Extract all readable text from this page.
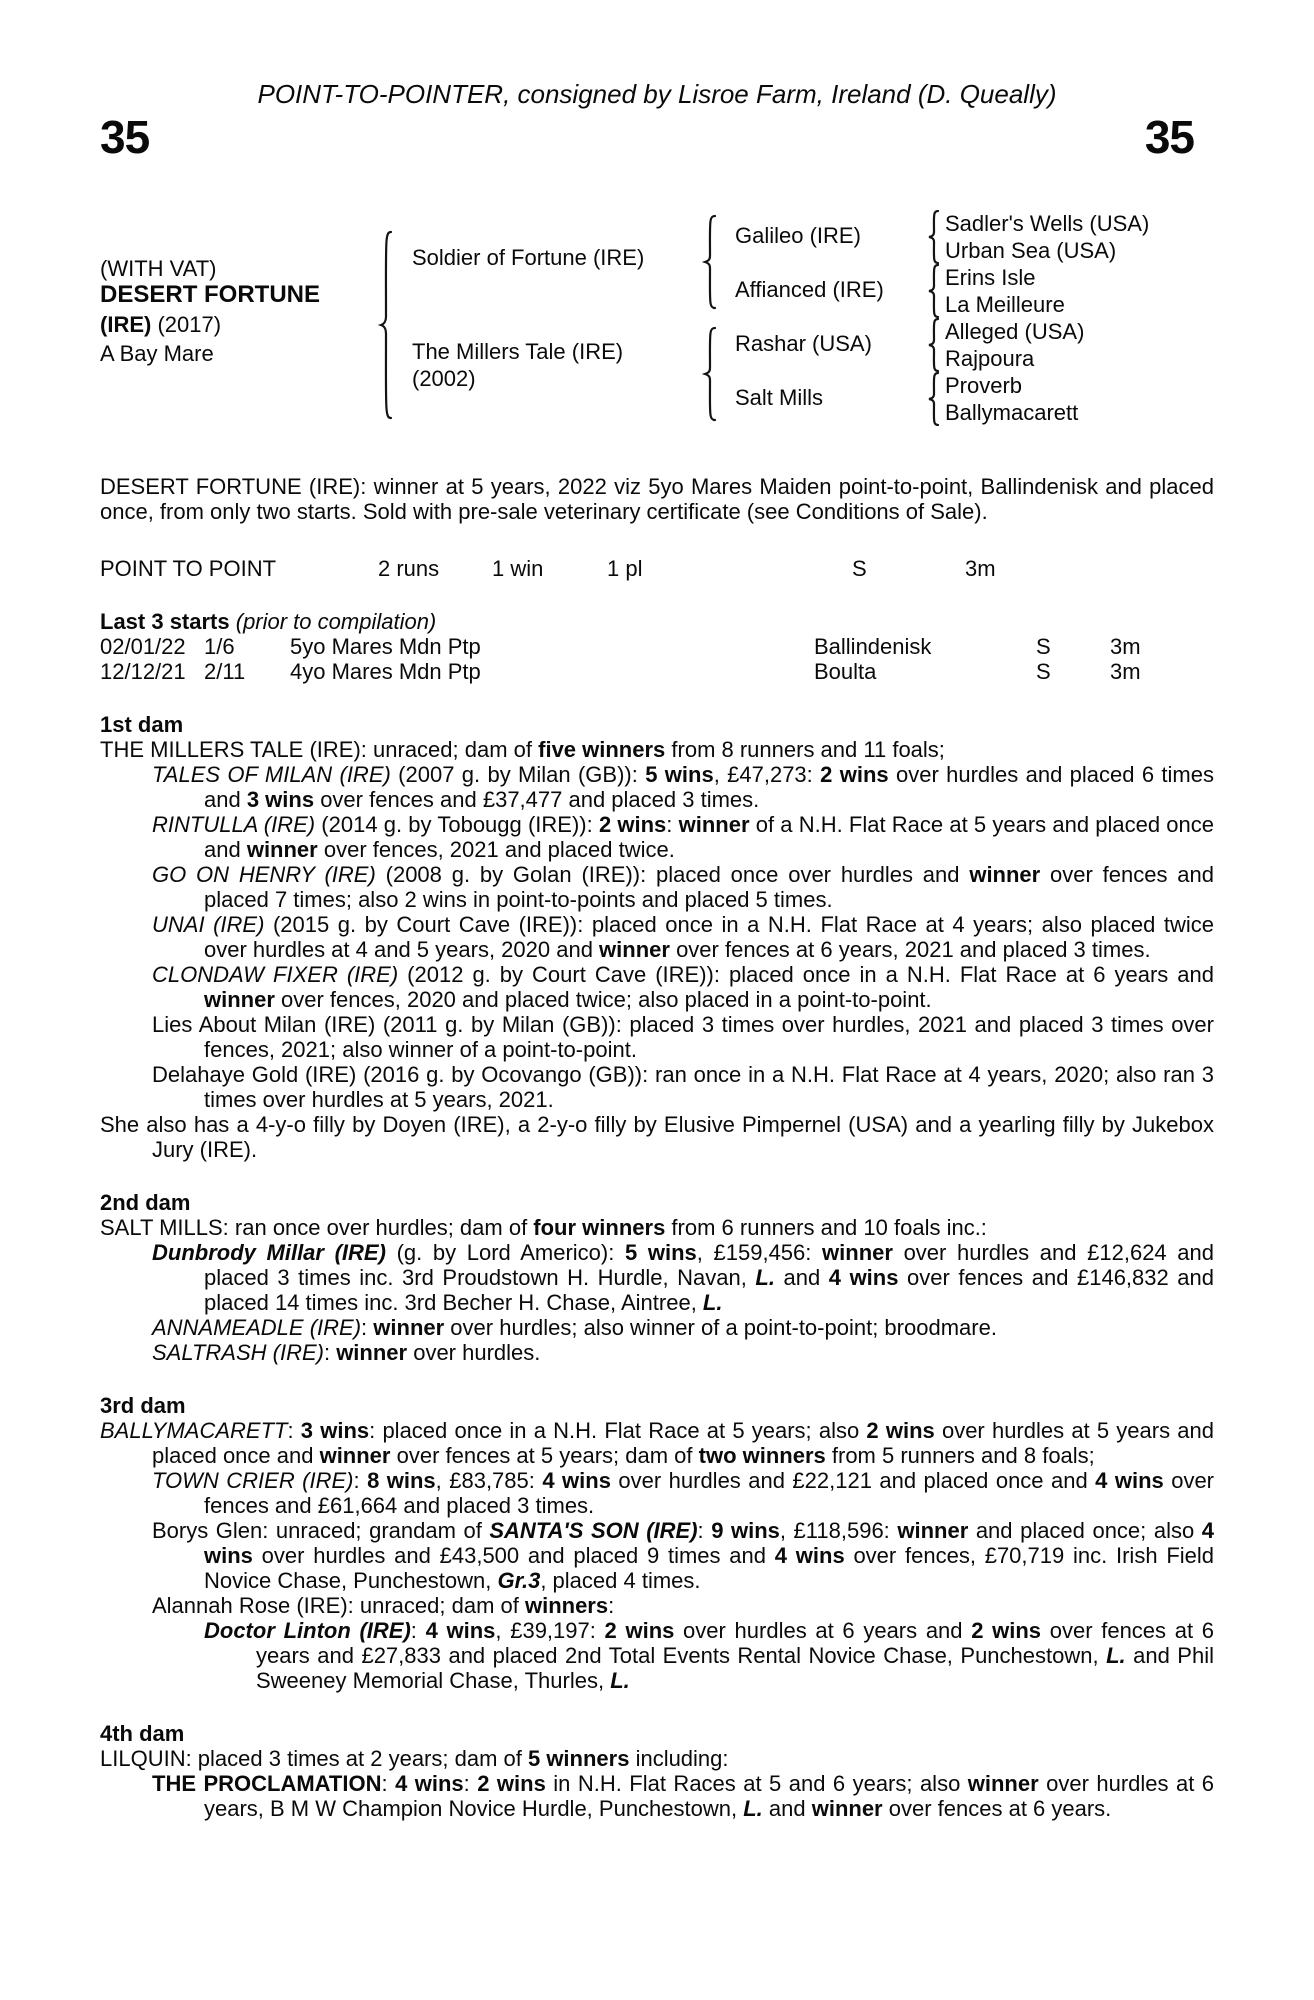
POINT-TO-POINTER, consigned by Lisroe Farm, Ireland (D. Queally)
35	35
(WITH VAT)
DESERT FORTUNE
(IRE) (2017)
A Bay Mare
Soldier of Fortune (IRE)
The Millers Tale (IRE)
(2002)
Galileo (IRE)
Affianced (IRE)
Rashar (USA)
Salt Mills
Sadler's Wells (USA)
Urban Sea (USA)
Erins Isle
La Meilleure
Alleged (USA)
Rajpoura
Proverb
Ballymacarett

DESERT FORTUNE (IRE): winner at 5 years, 2022 viz 5yo Mares Maiden point-to-point, Ballindenisk and placed once, from only two starts. Sold with pre-sale veterinary certificate (see Conditions of Sale).

POINT TO POINT	2 runs 1 win	1 pl	S	3m
Last 3 starts (prior to compilation)
02/01/22 1/6	5yo Mares Mdn Ptp	Ballindenisk	S	3m
12/12/21 2/11 4yo Mares Mdn Ptp	Boulta	S	3m
1st dam

THE MILLERS TALE (IRE): unraced; dam of five winners from 8 runners and 11 foals;

TALES OF MILAN (IRE) (2007 g. by Milan (GB)): 5 wins, £47,273: 2 wins over hurdles and placed 6 times and 3 wins over fences and £37,477 and placed 3 times.

RINTULLA (IRE) (2014 g. by Tobougg (IRE)): 2 wins: winner of a N.H. Flat Race at 5 years and placed once and winner over fences, 2021 and placed twice.

GO ON HENRY (IRE) (2008 g. by Golan (IRE)): placed once over hurdles and winner over fences and placed 7 times; also 2 wins in point-to-points and placed 5 times.

UNAI (IRE) (2015 g. by Court Cave (IRE)): placed once in a N.H. Flat Race at 4 years; also placed twice over hurdles at 4 and 5 years, 2020 and winner over fences at 6 years, 2021 and placed 3 times.

CLONDAW FIXER (IRE) (2012 g. by Court Cave (IRE)): placed once in a N.H. Flat Race at 6 years and winner over fences, 2020 and placed twice; also placed in a point-to-point.

Lies About Milan (IRE) (2011 g. by Milan (GB)): placed 3 times over hurdles, 2021 and placed 3 times over fences, 2021; also winner of a point-to-point.

Delahaye Gold (IRE) (2016 g. by Ocovango (GB)): ran once in a N.H. Flat Race at 4 years, 2020; also ran 3 times over hurdles at 5 years, 2021.

She also has a 4-y-o filly by Doyen (IRE), a 2-y-o filly by Elusive Pimpernel (USA) and a yearling filly by Jukebox Jury (IRE).

2nd dam

SALT MILLS: ran once over hurdles; dam of four winners from 6 runners and 10 foals inc.:

Dunbrody Millar (IRE) (g. by Lord Americo): 5 wins, £159,456: winner over hurdles and £12,624 and placed 3 times inc. 3rd Proudstown H. Hurdle, Navan, L. and 4 wins over fences and £146,832 and placed 14 times inc. 3rd Becher H. Chase, Aintree, L.

ANNAMEADLE (IRE): winner over hurdles; also winner of a point-to-point; broodmare.

SALTRASH (IRE): winner over hurdles.

3rd dam

BALLYMACARETT: 3 wins: placed once in a N.H. Flat Race at 5 years; also 2 wins over hurdles at 5 years and placed once and winner over fences at 5 years; dam of two winners from 5 runners and 8 foals;

TOWN CRIER (IRE): 8 wins, £83,785: 4 wins over hurdles and £22,121 and placed once and 4 wins over fences and £61,664 and placed 3 times.

Borys Glen: unraced; grandam of SANTA'S SON (IRE): 9 wins, £118,596: winner and placed once; also 4 wins over hurdles and £43,500 and placed 9 times and 4 wins over fences, £70,719 inc. Irish Field Novice Chase, Punchestown, Gr.3, placed 4 times.

Alannah Rose (IRE): unraced; dam of winners:

Doctor Linton (IRE): 4 wins, £39,197: 2 wins over hurdles at 6 years and 2 wins over fences at 6 years and £27,833 and placed 2nd Total Events Rental Novice Chase, Punchestown, L. and Phil Sweeney Memorial Chase, Thurles, L.

4th dam

LILQUIN: placed 3 times at 2 years; dam of 5 winners including:

THE PROCLAMATION: 4 wins: 2 wins in N.H. Flat Races at 5 and 6 years; also winner over hurdles at 6 years, B M W Champion Novice Hurdle, Punchestown, L. and winner over fences at 6 years.
